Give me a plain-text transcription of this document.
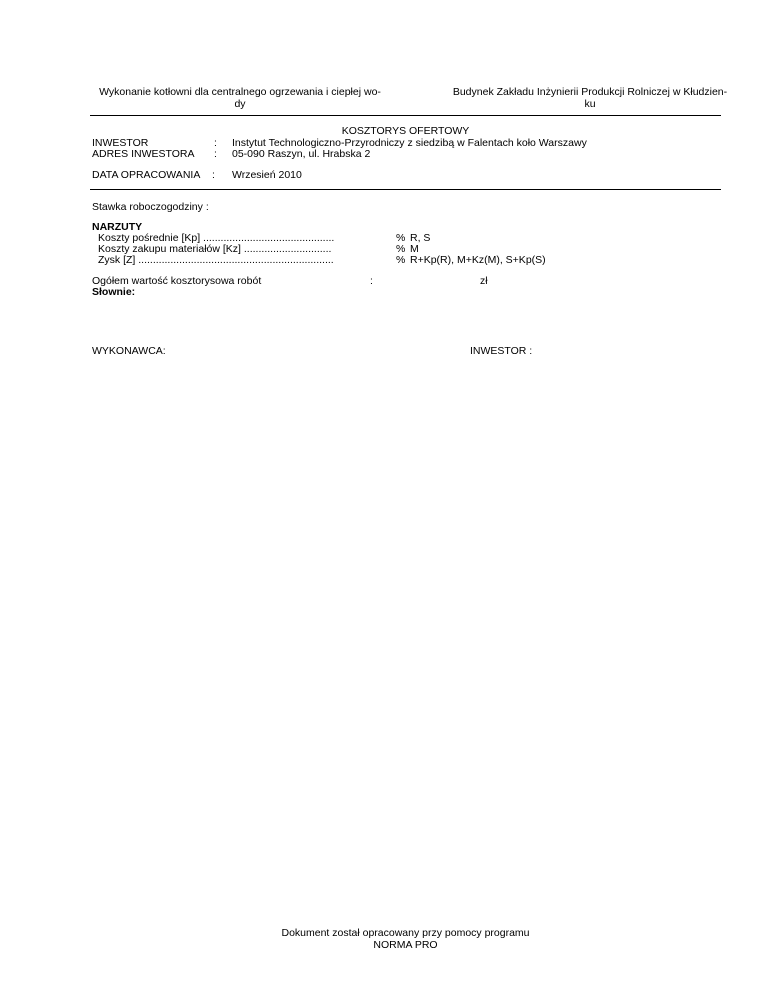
Wykonanie kotłowni dla centralnego ogrzewania i ciepłej wo-
dy
Budynek Zakładu Inżynierii Produkcji Rolniczej w Kłudzien-
ku
KOSZTORYS OFERTOWY
INWESTOR	: Instytut Technologiczno-Przyrodniczy z siedzibą w Falentach koło Warszawy
ADRES INWESTORA : 05-090 Raszyn, ul. Hrabska 2
DATA OPRACOWANIA : Wrzesień 2010
Stawka roboczogodziny :
NARZUTY
Koszty pośrednie [Kp] .............................................	% R, S
Koszty zakupu materiałów [Kz] ..............................	% M
Zysk [Z] ...................................................................	% R+Kp(R), M+Kz(M), S+Kp(S)
Ogółem wartość kosztorysowa robót	:	zł
Słownie:
WYKONAWCA:	INWESTOR :
Dokument został opracowany przy pomocy programu
NORMA PRO
